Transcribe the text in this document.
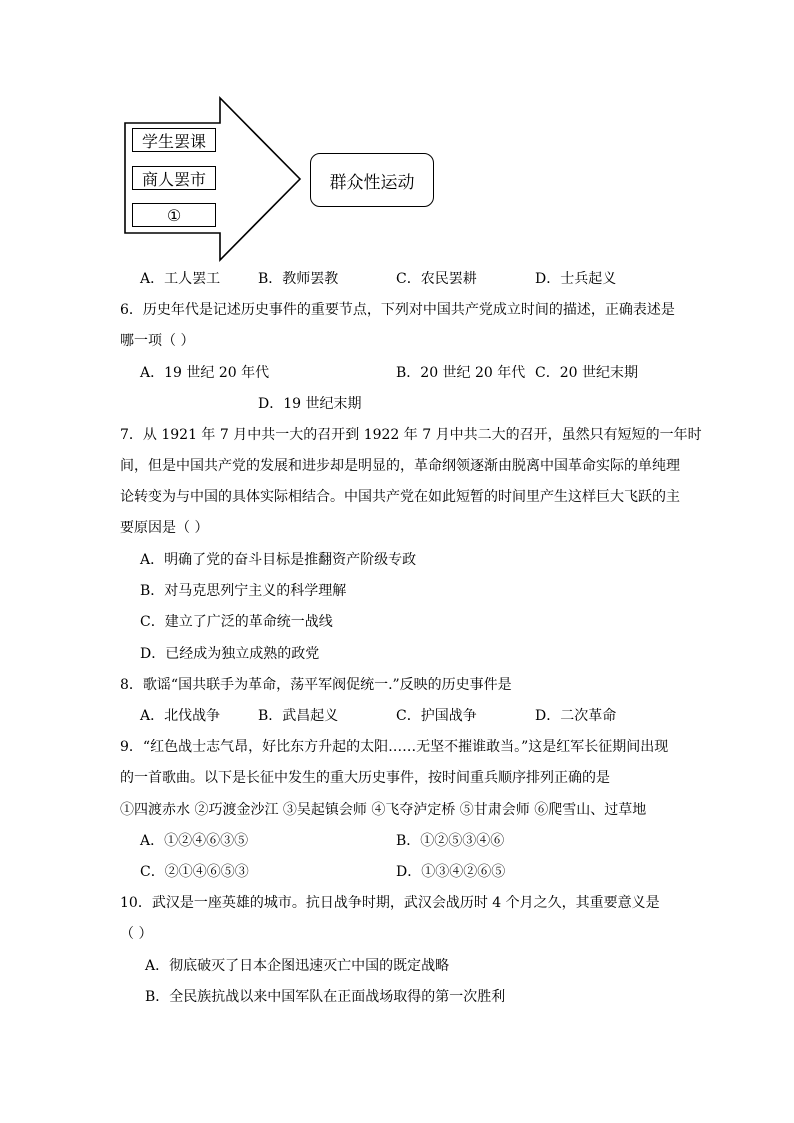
学生罢课
商人罢市
①
群众性运动
A．工人罢工	B．教师罢教	C．农民罢耕	D．士兵起义
6．历史年代是记述历史事件的重要节点，下列对中国共产党成立时间的描述，正确表述是
哪一项（ ）
A．19 世纪 20 年代	B．20 世纪 20 年代 C．20 世纪末期
D．19 世纪末期
7．从 1921 年 7 月中共一大的召开到 1922 年 7 月中共二大的召开，虽然只有短短的一年时
间，但是中国共产党的发展和进步却是明显的，革命纲领逐渐由脱离中国革命实际的单纯理
论转变为与中国的具体实际相结合。中国共产党在如此短暂的时间里产生这样巨大飞跃的主
要原因是（ ）
A．明确了党的奋斗目标是推翻资产阶级专政
B．对马克思列宁主义的科学理解
C．建立了广泛的革命统一战线
D．已经成为独立成熟的政党
8．歌谣“国共联手为革命，荡平军阀促统一.”反映的历史事件是
A．北伐战争	B．武昌起义	C．护国战争	D．二次革命
9．“红色战士志气昂，好比东方升起的太阳……无坚不摧谁敢当。”这是红军长征期间出现
的一首歌曲。以下是长征中发生的重大历史事件，按时间重兵顺序排列正确的是
①四渡赤水 ②巧渡金沙江 ③吴起镇会师 ④飞夺泸定桥 ⑤甘肃会师 ⑥爬雪山、过草地
A．①②④⑥③⑤	B．①②⑤③④⑥
C．②①④⑥⑤③	D．①③④②⑥⑤
10．武汉是一座英雄的城市。抗日战争时期，武汉会战历时 4 个月之久，其重要意义是
（ ）
A．彻底破灭了日本企图迅速灭亡中国的既定战略
B．全民族抗战以来中国军队在正面战场取得的第一次胜利
